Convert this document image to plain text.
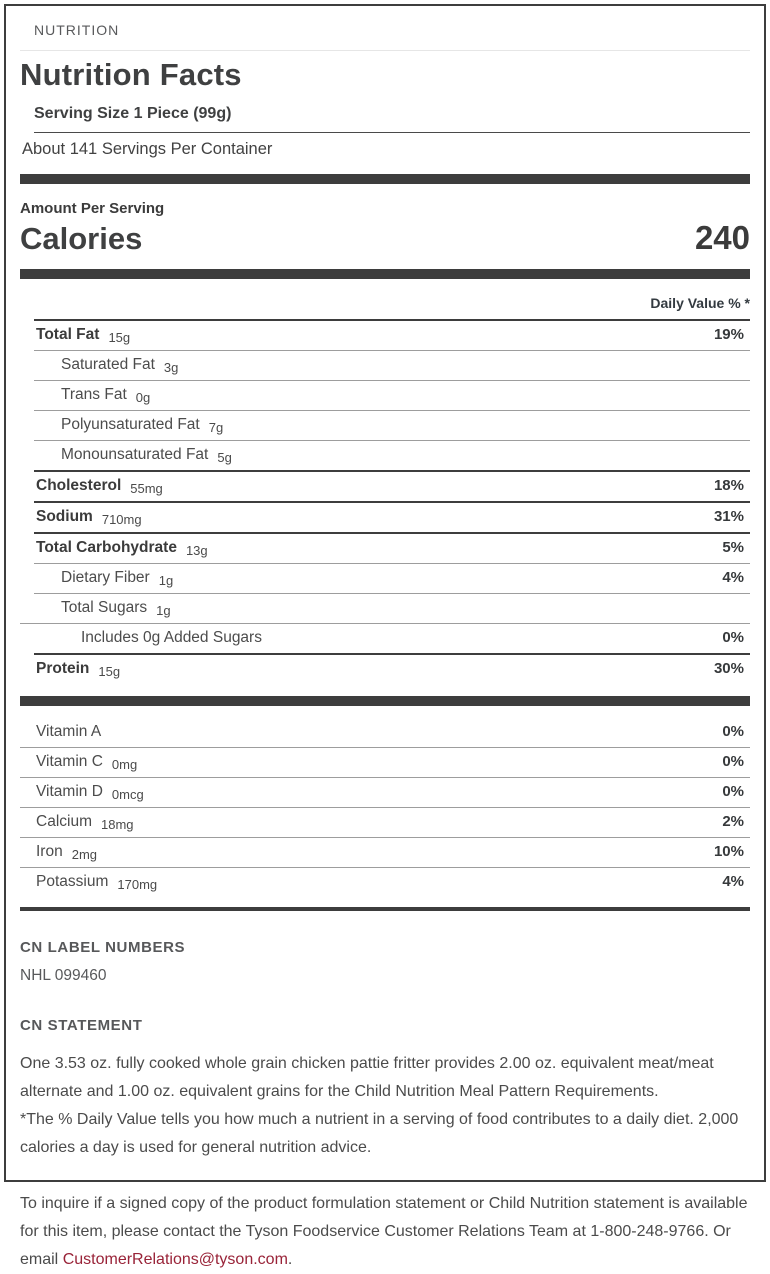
NUTRITION
Nutrition Facts
Serving Size 1 Piece (99g)
About 141 Servings Per Container
Amount Per Serving
Calories	240
Daily Value % *
Total Fat 15g	19%
Saturated Fat 3g
Trans Fat 0g
Polyunsaturated Fat 7g
Monounsaturated Fat 5g
Cholesterol 55mg	18%
Sodium 710mg	31%
Total Carbohydrate 13g	5%
Dietary Fiber 1g	4%
Total Sugars 1g
Includes 0g Added Sugars	0%
Protein 15g	30%
Vitamin A	0%
Vitamin C 0mg	0%
Vitamin D 0mcg	0%
Calcium 18mg	2%
Iron 2mg	10%
Potassium 170mg	4%
CN LABEL NUMBERS
NHL 099460
CN STATEMENT
One 3.53 oz. fully cooked whole grain chicken pattie fritter provides 2.00 oz. equivalent meat/meat alternate and 1.00 oz. equivalent grains for the Child Nutrition Meal Pattern Requirements.
*The % Daily Value tells you how much a nutrient in a serving of food contributes to a daily diet. 2,000 calories a day is used for general nutrition advice.
To inquire if a signed copy of the product formulation statement or Child Nutrition statement is available for this item, please contact the Tyson Foodservice Customer Relations Team at 1-800-248-9766. Or email CustomerRelations@tyson.com.
